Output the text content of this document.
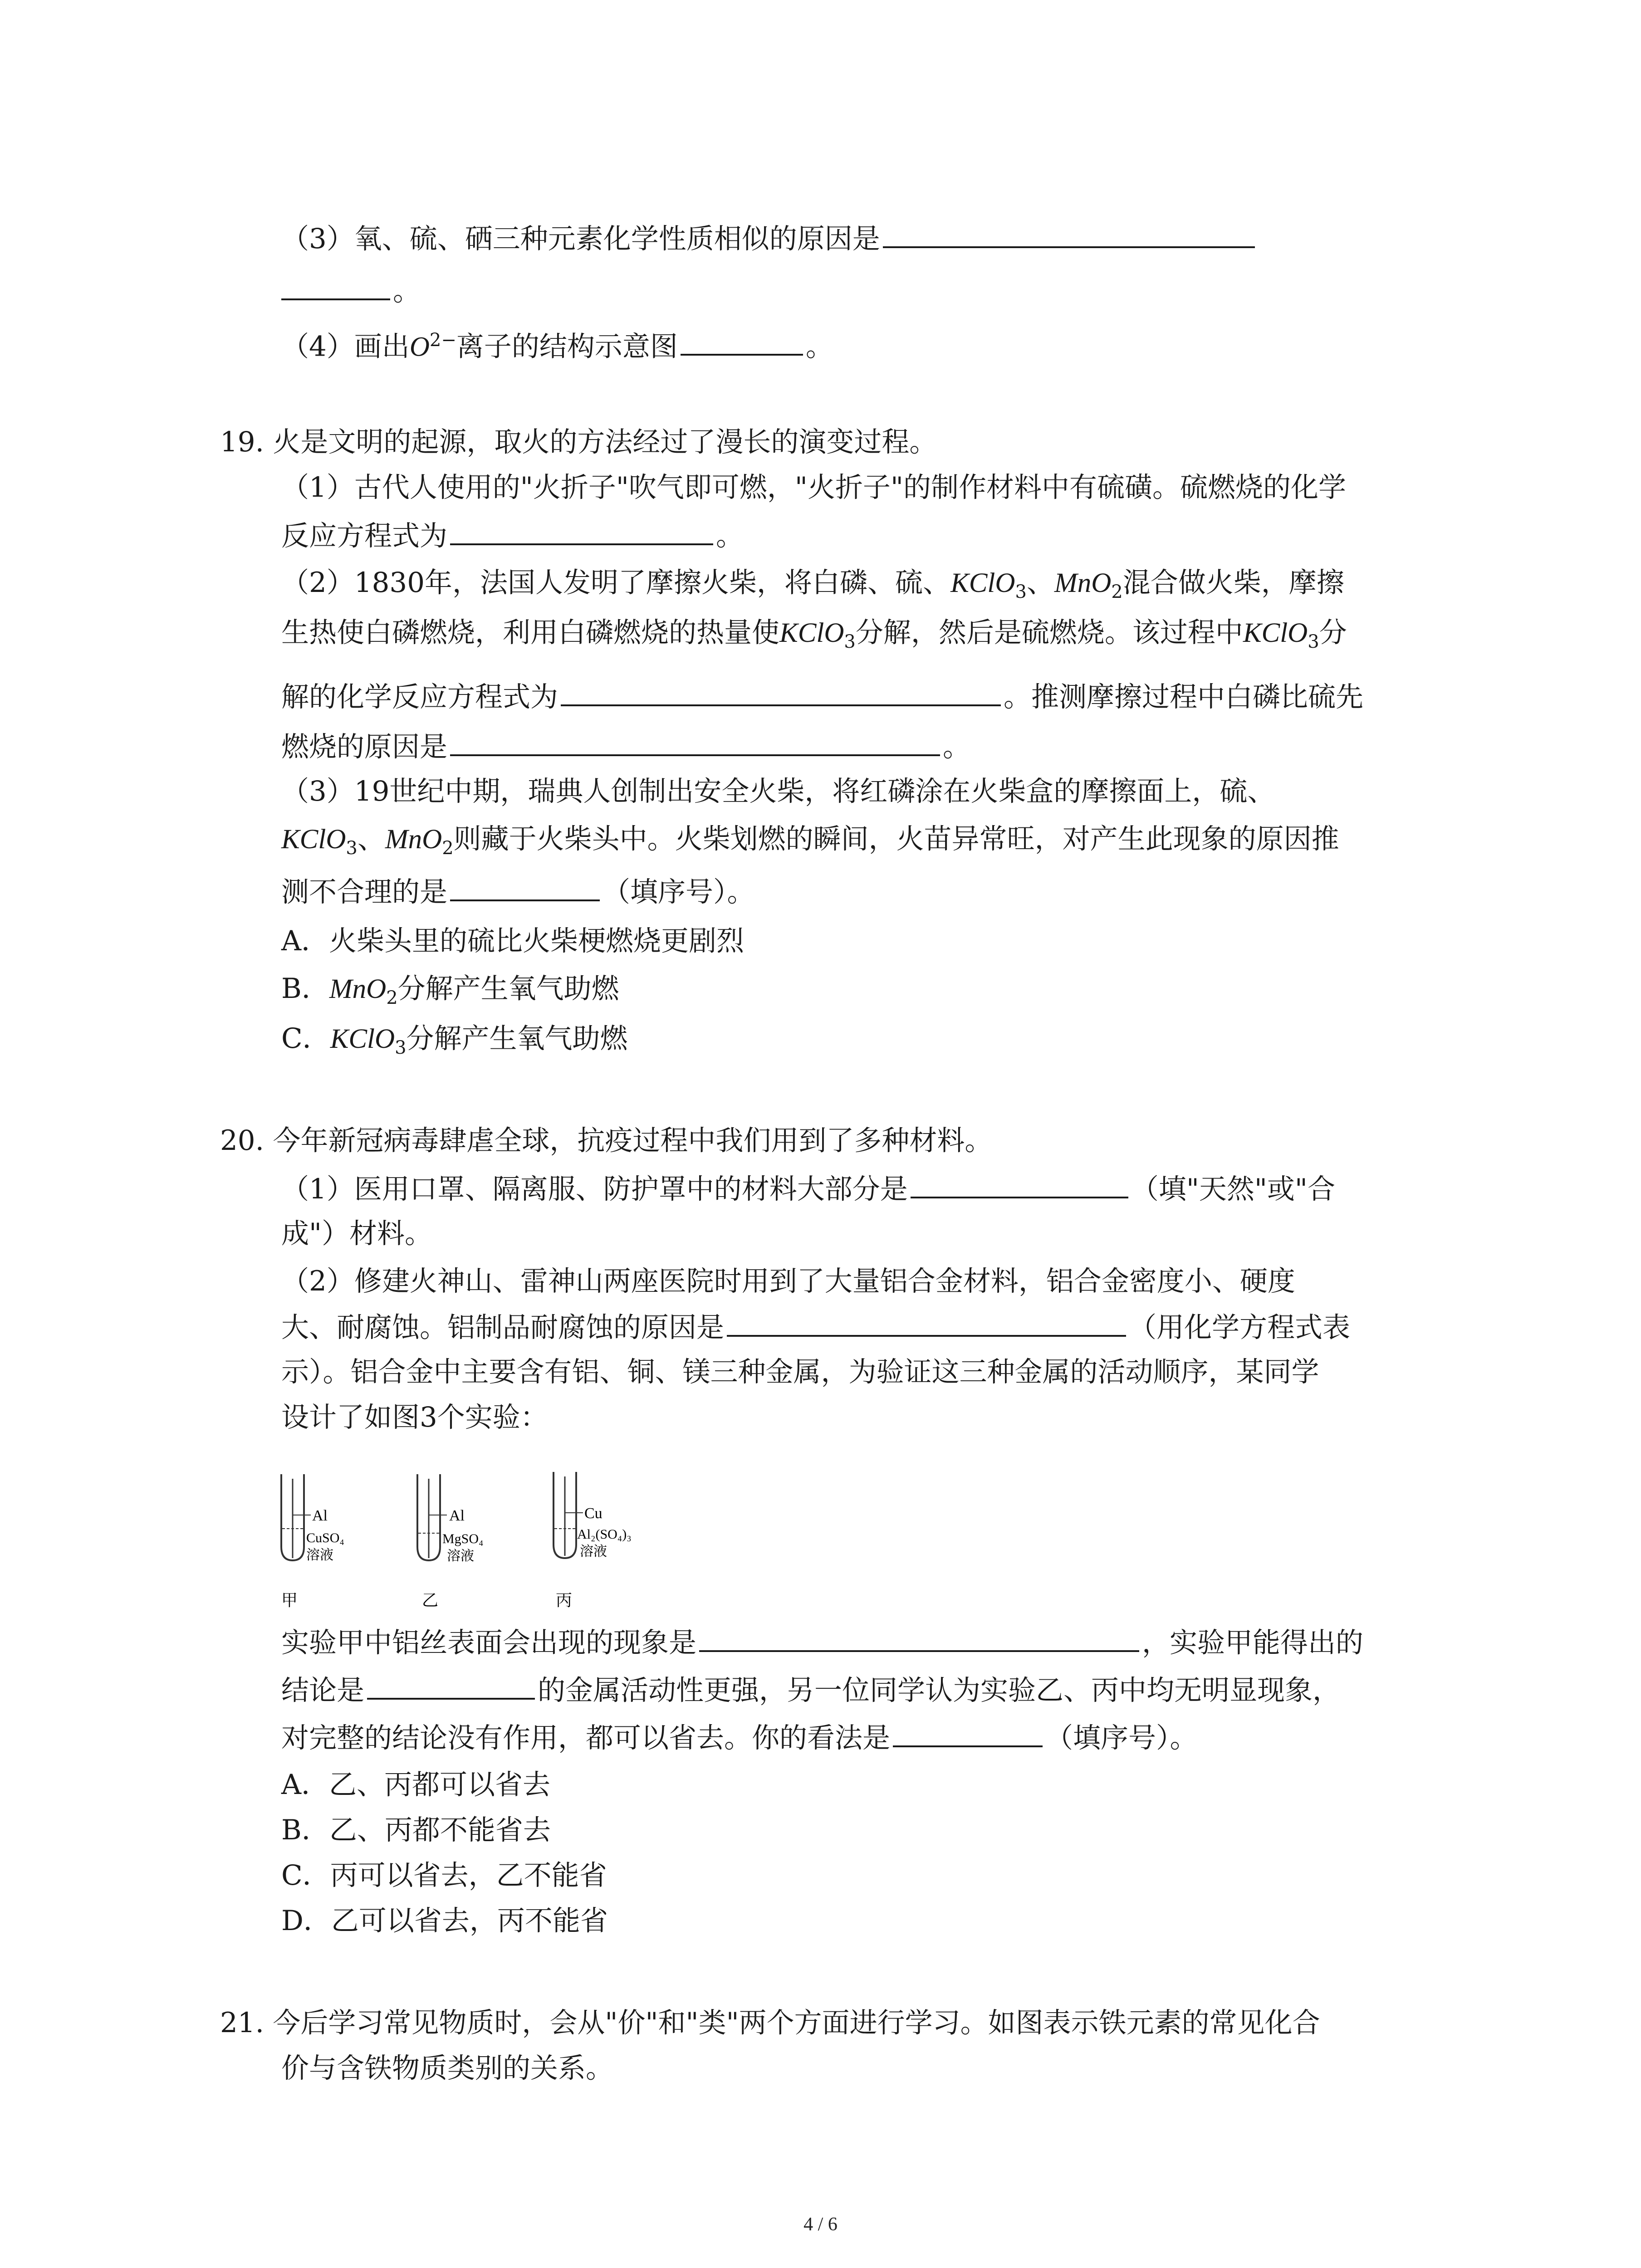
（3）氧、硫、硒三种元素化学性质相似的原因是
。
（4）画出$O^{2-}$离子的结构示意图	。
19. 火是文明的起源，取火的方法经过了漫长的演变过程。
（1）古代人使用的"火折子"吹气即可燃，"火折子"的制作材料中有硫磺。硫燃烧的化学
反应方程式为	。
（2）1830年，法国人发明了摩擦火柴，将白磷、硫、KClO$_3$、MnO$_2$混合做火柴，摩擦
生热使白磷燃烧，利用白磷燃烧的热量使KClO$_3$分解，然后是硫燃烧。该过程中KClO$_3$分
解的化学反应方程式为	。推测摩擦过程中白磷比硫先
燃烧的原因是	。
（3）19世纪中期，瑞典人创制出安全火柴，将红磷涂在火柴盒的摩擦面上，硫、
KClO$_3$、MnO$_2$则藏于火柴头中。火柴划燃的瞬间，火苗异常旺，对产生此现象的原因推
测不合理的是	（填序号）。
A．火柴头里的硫比火柴梗燃烧更剧烈
B．MnO$_2$分解产生氧气助燃
C．KClO$_3$分解产生氧气助燃
20. 今年新冠病毒肆虐全球，抗疫过程中我们用到了多种材料。
（1）医用口罩、隔离服、防护罩中的材料大部分是	（填"天然"或"合
成"）材料。
（2）修建火神山、雷神山两座医院时用到了大量铝合金材料，铝合金密度小、硬度
大、耐腐蚀。铝制品耐腐蚀的原因是	（用化学方程式表
示）。铝合金中主要含有铝、铜、镁三种金属，为验证这三种金属的活动顺序，某同学
设计了如图3个实验：
Al
CuSO₄
溶液
甲
Al
MgSO₄
溶液
乙
Cu
Al₂(SO₄)₃
溶液
丙
实验甲中铝丝表面会出现的现象是	，实验甲能得出的
结论是	的金属活动性更强，另一位同学认为实验乙、丙中均无明显现象，
对完整的结论没有作用，都可以省去。你的看法是	（填序号）。
A．乙、丙都可以省去
B．乙、丙都不能省去
C．丙可以省去，乙不能省
D．乙可以省去，丙不能省
21. 今后学习常见物质时，会从"价"和"类"两个方面进行学习。如图表示铁元素的常见化合
价与含铁物质类别的关系。
4 / 6
